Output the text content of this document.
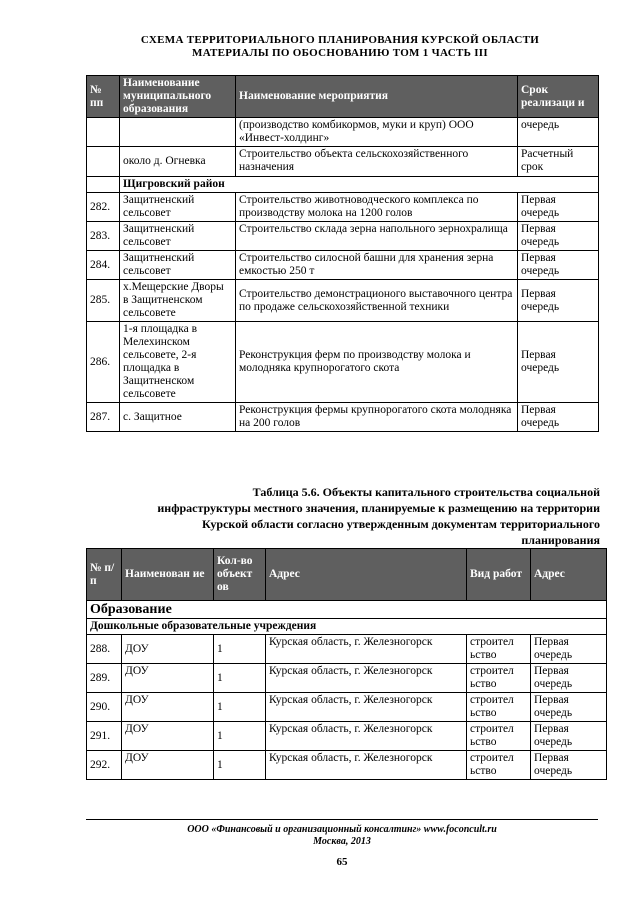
СХЕМА ТЕРРИТОРИАЛЬНОГО ПЛАНИРОВАНИЯ КУРСКОЙ ОБЛАСТИ
МАТЕРИАЛЫ ПО ОБОСНОВАНИЮ ТОМ 1 ЧАСТЬ III
№ пп	Наименование муниципального образования	Наименование мероприятия	Срок реализаци и
		(производство комбикормов, муки и круп) ООО «Инвест-холдинг»	очередь
	около д. Огневка	Строительство объекта сельскохозяйственного назначения	Расчетный срок
	Щигровский район		
282.	Защитненский сельсовет	Строительство животноводческого комплекса по производству молока на 1200 голов	Первая очередь
283.	Защитненский сельсовет	Строительство склада зерна напольного зернохралища	Первая очередь
284.	Защитненский сельсовет	Строительство силосной башни для хранения зерна емкостью 250 т	Первая очередь
285.	х.Мещерские Дворы в Защитненском сельсовете	Строительство демонстрационого выставочного центра по продаже сельскохозяйственной техники	Первая очередь
286.	1-я площадка в Мелехинском сельсовете, 2-я площадка в Защитненском сельсовете	Реконструкция ферм по производству молока и молодняка крупнорогатого скота	Первая очередь
287.	с. Защитное	Реконструкция фермы крупнорогатого скота молодняка на 200 голов	Первая очередь
Таблица 5.6. Объекты капитального строительства социальной
инфраструктуры местного значения, планируемые к размещению на территории
Курской области согласно утвержденным документам территориального
планирования
№ п/п	Наименован ие	Кол-во объект ов	Адрес	Вид работ	Адрес
Образование					
Дошкольные образовательные учреждения					
288.	ДОУ	1	Курская область, г. Железногорск	строител ьство	Первая очередь
289.	ДОУ	1	Курская область, г. Железногорск	строител ьство	Первая очередь
290.	ДОУ	1	Курская область, г. Железногорск	строител ьство	Первая очередь
291.	ДОУ	1	Курская область, г. Железногорск	строител ьство	Первая очередь
292.	ДОУ	1	Курская область, г. Железногорск	строител ьство	Первая очередь
ООО «Финансовый и организационный консалтинг» www.foconcult.ru
Москва, 2013
65
